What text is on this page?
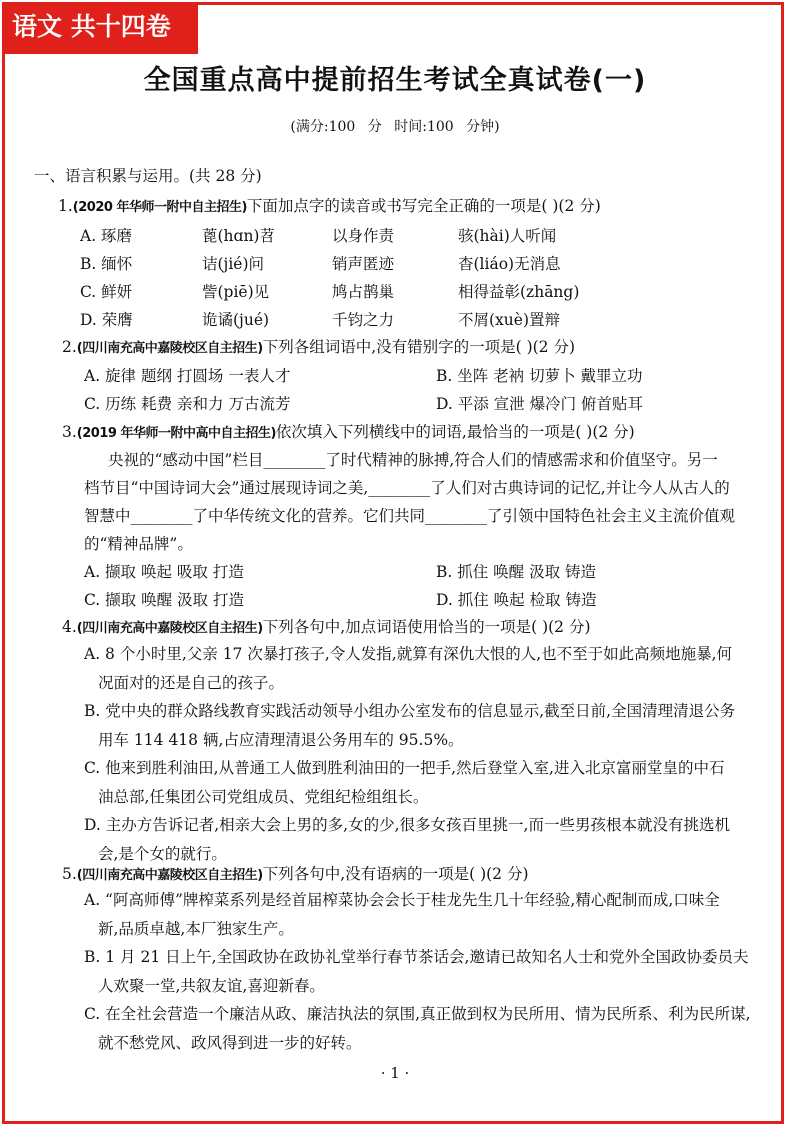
语文 共十四卷
全国重点高中提前招生考试全真试卷(一)
(满分:100 分 时间:100 分钟)
一、语言积累与运用。(共 28 分)
1.(2020 年华师一附中自主招生)下面加点字的读音或书写完全正确的一项是( )(2 分)
A. 琢磨	蓖(hɑn)苕	以身作责	骇(hài)人听闻
B. 缅怀	诘(jié)问	销声匿迹	杳(liáo)无消息
C. 鲜妍	訾(piē)见	鸠占鹊巢	相得益彰(zhāng)
D. 荣膺	诡谲(jué)	千钧之力	不屑(xuè)置辩
2.(四川南充高中嘉陵校区自主招生)下列各组词语中,没有错别字的一项是( )(2 分)
A. 旋律 题纲 打圆场 一表人才	B. 坐阵 老衲 切萝卜 戴罪立功
C. 历练 耗费 亲和力 万古流芳	D. 平添 宣泄 爆冷门 俯首贴耳
3.(2019 年华师一附中高中自主招生)依次填入下列横线中的词语,最恰当的一项是( )(2 分)
央视的“感动中国”栏目________了时代精神的脉搏,符合人们的情感需求和价值坚守。另一
档节目“中国诗词大会”通过展现诗词之美,________了人们对古典诗词的记忆,并让今人从古人的
智慧中________了中华传统文化的营养。它们共同________了引领中国特色社会主义主流价值观
的“精神品牌”。
A. 撷取 唤起 吸取 打造	B. 抓住 唤醒 汲取 铸造
C. 撷取 唤醒 汲取 打造	D. 抓住 唤起 检取 铸造
4.(四川南充高中嘉陵校区自主招生)下列各句中,加点词语使用恰当的一项是( )(2 分)
A. 8 个小时里,父亲 17 次暴打孩子,令人发指,就算有深仇大恨的人,也不至于如此高频地施暴,何
况面对的还是自己的孩子。
B. 党中央的群众路线教育实践活动领导小组办公室发布的信息显示,截至日前,全国清理清退公务
用车 114 418 辆,占应清理清退公务用车的 95.5%。
C. 他来到胜利油田,从普通工人做到胜利油田的一把手,然后登堂入室,进入北京富丽堂皇的中石
油总部,任集团公司党组成员、党组纪检组组长。
D. 主办方告诉记者,相亲大会上男的多,女的少,很多女孩百里挑一,而一些男孩根本就没有挑选机
会,是个女的就行。
5.(四川南充高中嘉陵校区自主招生)下列各句中,没有语病的一项是( )(2 分)
A. “阿高师傅”牌榨菜系列是经首届榨菜协会会长于桂龙先生几十年经验,精心配制而成,口味全
新,品质卓越,本厂独家生产。
B. 1 月 21 日上午,全国政协在政协礼堂举行春节茶话会,邀请已故知名人士和党外全国政协委员夫
人欢聚一堂,共叙友谊,喜迎新春。
C. 在全社会营造一个廉洁从政、廉洁执法的氛围,真正做到权为民所用、情为民所系、利为民所谋,
就不愁党风、政风得到进一步的好转。
· 1 ·
